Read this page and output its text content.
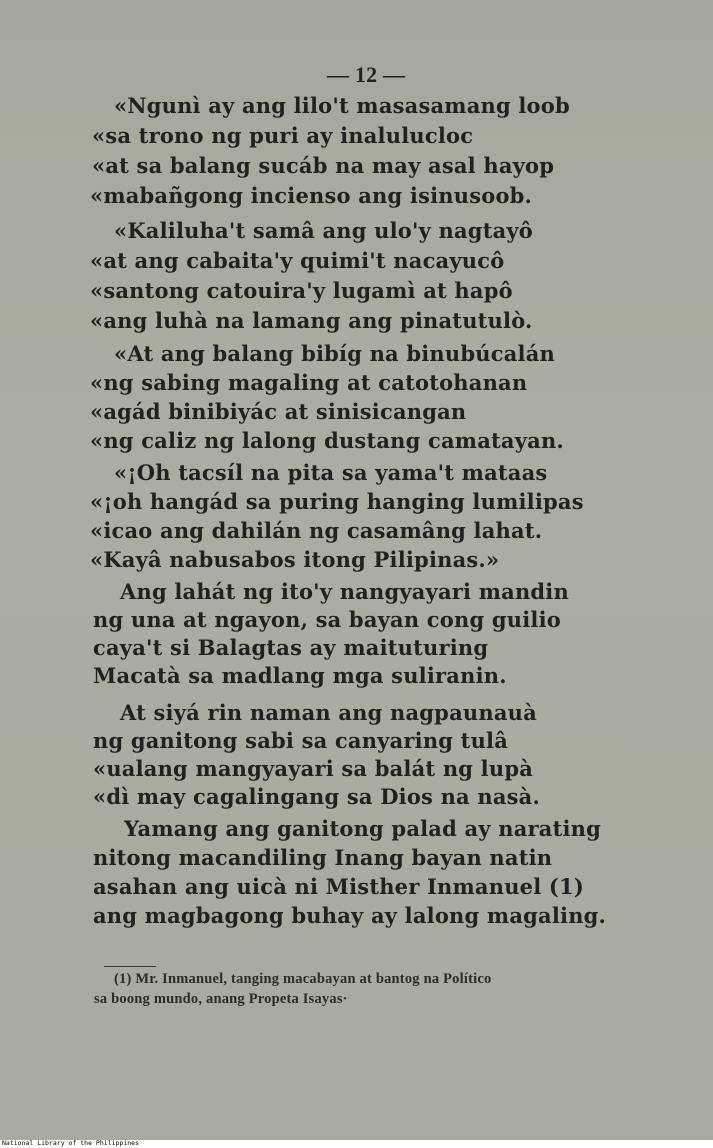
— 12 —
«Ngunì ay ang lilo't masasamang loob
«sa trono ng puri ay inalulucloc
«at sa balang sucáb na may asal hayop
«mabañgong incienso ang isinusoob.
«Kaliluha't samâ ang ulo'y nagtayô
«at ang cabaita'y quimi't nacayucô
«santong catouira'y lugamì at hapô
«ang luhà na lamang ang pinatutulò.
«At ang balang bibíg na binubúcalán
«ng sabing magaling at catotohanan
«agád binibiyác at sinisicangan
«ng caliz ng lalong dustang camatayan.
«¡Oh tacsíl na pita sa yama't mataas
«¡oh hangád sa puring hanging lumilipas
«icao ang dahilán ng casamâng lahat.
«Kayâ nabusabos itong Pilipinas.»
Ang lahát ng ito'y nangyayari mandin
ng una at ngayon, sa bayan cong guilio
caya't si Balagtas ay maituturing
Macatà sa madlang mga suliranin.
At siyá rin naman ang nagpaunauà
ng ganitong sabi sa canyaring tulâ
«ualang mangyayari sa balát ng lupà
«dì may cagalingang sa Dios na nasà.
Yamang ang ganitong palad ay narating
nitong macandiling Inang bayan natin
asahan ang uicà ni Misther Inmanuel (1)
ang magbagong buhay ay lalong magaling.
(1) Mr. Inmanuel, tanging macabayan at bantog na Político
sa boong mundo, anang Propeta Isayas·
National Library of the Philippines
